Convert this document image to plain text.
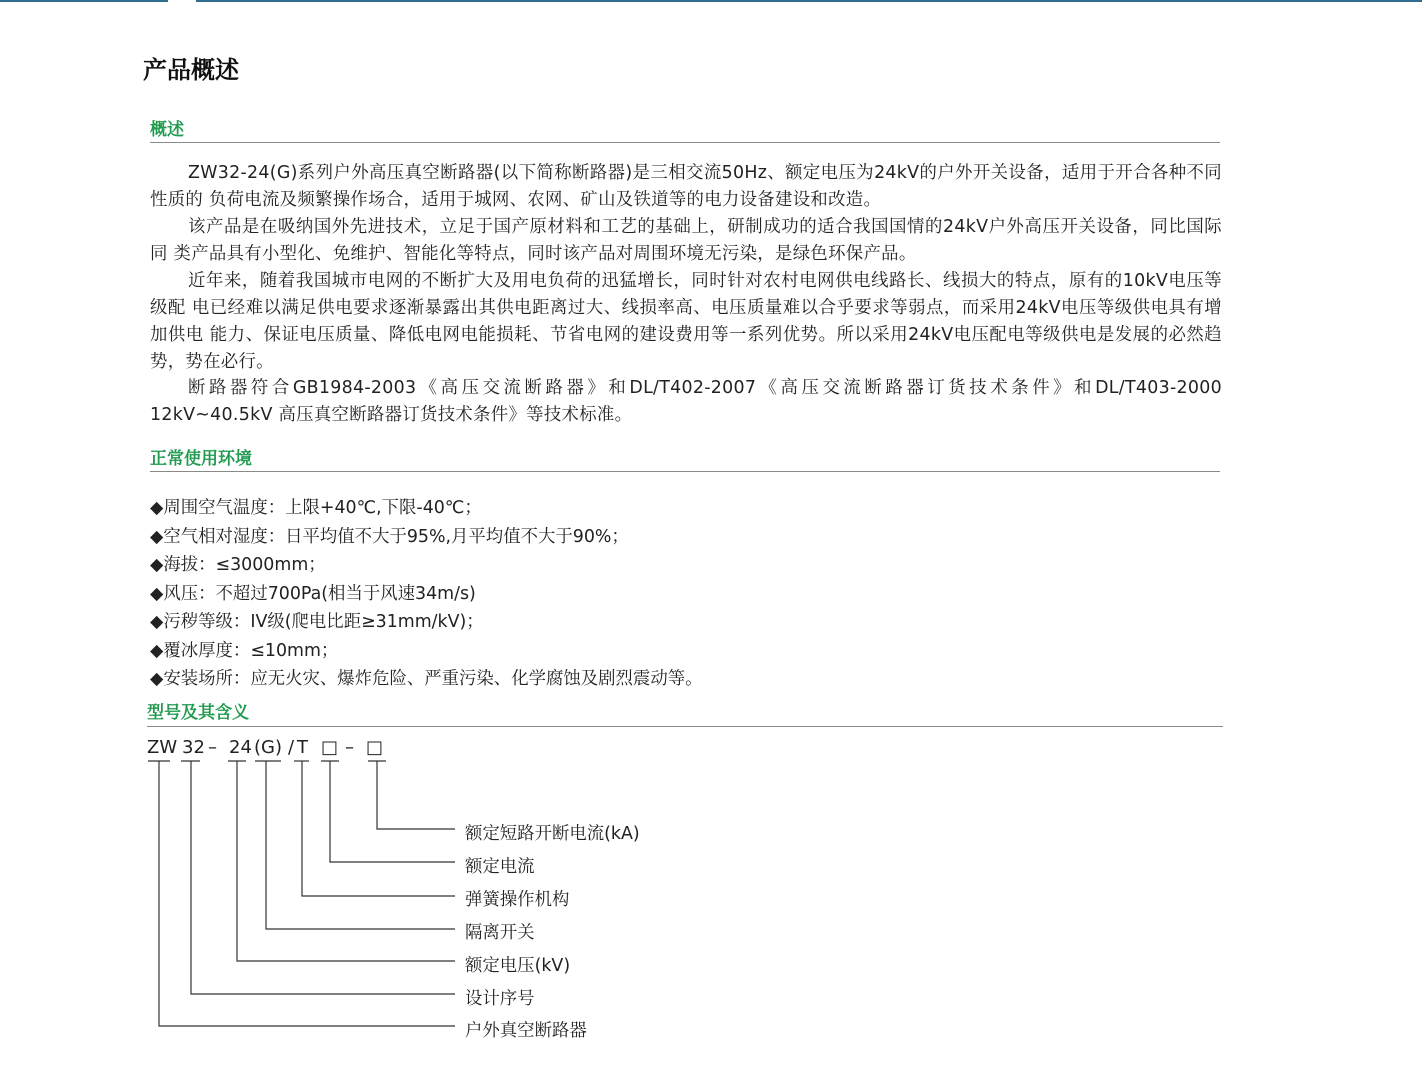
产品概述
概述

ZW32-24(G)系列户外高压真空断路器(以下简称断路器)是三相交流50Hz、额定电压为24kV的户外开关设备，适用于开合各种不同性质的 负荷电流及频繁操作场合，适用于城网、农网、矿山及铁道等的电力设备建设和改造。

该产品是在吸纳国外先进技术，立足于国产原材料和工艺的基础上，研制成功的适合我国国情的24kV户外高压开关设备，同比国际同 类产品具有小型化、免维护、智能化等特点，同时该产品对周围环境无污染，是绿色环保产品。

近年来，随着我国城市电网的不断扩大及用电负荷的迅猛增长，同时针对农村电网供电线路长、线损大的特点，原有的10kV电压等级配 电已经难以满足供电要求逐渐暴露出其供电距离过大、线损率高、电压质量难以合乎要求等弱点，而采用24kV电压等级供电具有增加供电 能力、保证电压质量、降低电网电能损耗、节省电网的建设费用等一系列优势。所以采用24kV电压配电等级供电是发展的必然趋势，势在必行。

断路器符合GB1984-2003《高压交流断路器》和DL/T402-2007《高压交流断路器订货技术条件》和DL/T403-2000 12kV~40.5kV 高压真空断路器订货技术条件》等技术标准。

正常使用环境
◆周围空气温度：上限+40℃,下限-40℃；
◆空气相对湿度：日平均值不大于95%,月平均值不大于90%；
◆海拔：≤3000mm；
◆风压：不超过700Pa(相当于风速34m/s)
◆污秽等级：IV级(爬电比距≥31mm/kV)；
◆覆冰厚度：≤10mm；
◆安装场所：应无火灾、爆炸危险、严重污染、化学腐蚀及剧烈震动等。
型号及其含义

ZW

32

–

24

(G)

/

T

□

–

□

额定短路开断电流(kA)
额定电流
弹簧操作机构
隔离开关
额定电压(kV)
设计序号
户外真空断路器
